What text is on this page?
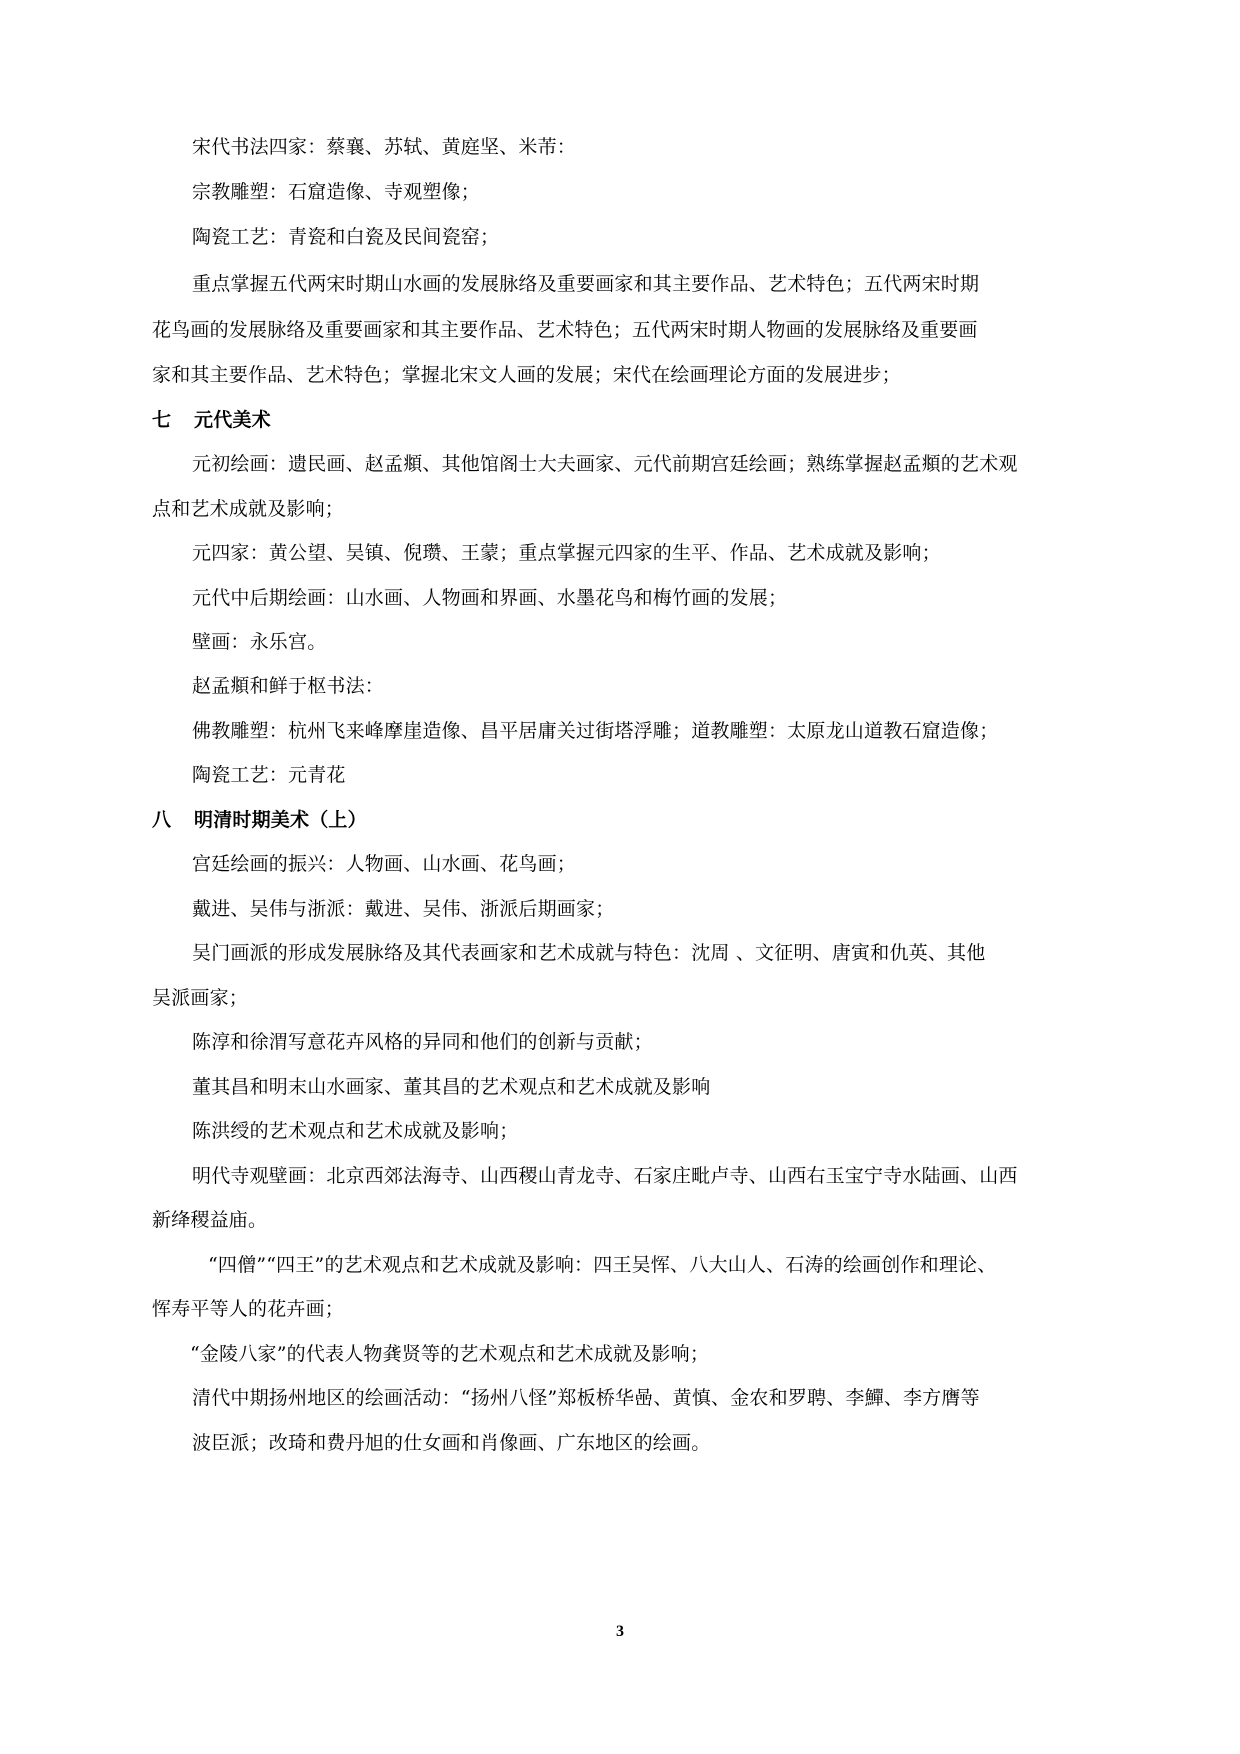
宋代书法四家：蔡襄、苏轼、黄庭坚、米芾：
宗教雕塑：石窟造像、寺观塑像；
陶瓷工艺：青瓷和白瓷及民间瓷窑；
重点掌握五代两宋时期山水画的发展脉络及重要画家和其主要作品、艺术特色；五代两宋时期
花鸟画的发展脉络及重要画家和其主要作品、艺术特色；五代两宋时期人物画的发展脉络及重要画
家和其主要作品、艺术特色；掌握北宋文人画的发展；宋代在绘画理论方面的发展进步；
七 元代美术
元初绘画：遗民画、赵孟頫、其他馆阁士大夫画家、元代前期宫廷绘画；熟练掌握赵孟頫的艺术观
点和艺术成就及影响；
元四家：黄公望、吴镇、倪瓒、王蒙；重点掌握元四家的生平、作品、艺术成就及影响；
元代中后期绘画：山水画、人物画和界画、水墨花鸟和梅竹画的发展；
壁画：永乐宫。
赵孟頫和鲜于枢书法：
佛教雕塑：杭州飞来峰摩崖造像、昌平居庸关过街塔浮雕；道教雕塑：太原龙山道教石窟造像；
陶瓷工艺：元青花
八 明清时期美术（上）
宫廷绘画的振兴：人物画、山水画、花鸟画；
戴进、吴伟与浙派：戴进、吴伟、浙派后期画家；
吴门画派的形成发展脉络及其代表画家和艺术成就与特色：沈周 、文征明、唐寅和仇英、其他
吴派画家；
陈淳和徐渭写意花卉风格的异同和他们的创新与贡献；
董其昌和明末山水画家、董其昌的艺术观点和艺术成就及影响
陈洪绶的艺术观点和艺术成就及影响；
明代寺观壁画：北京西郊法海寺、山西稷山青龙寺、石家庄毗卢寺、山西右玉宝宁寺水陆画、山西
新绛稷益庙。
“四僧”“四王”的艺术观点和艺术成就及影响：四王吴恽、八大山人、石涛的绘画创作和理论、
恽寿平等人的花卉画；
“金陵八家”的代表人物龚贤等的艺术观点和艺术成就及影响；
清代中期扬州地区的绘画活动：“扬州八怪”郑板桥华喦、黄慎、金农和罗聘、李鱓、李方膺等
波臣派；改琦和费丹旭的仕女画和肖像画、广东地区的绘画。
3
